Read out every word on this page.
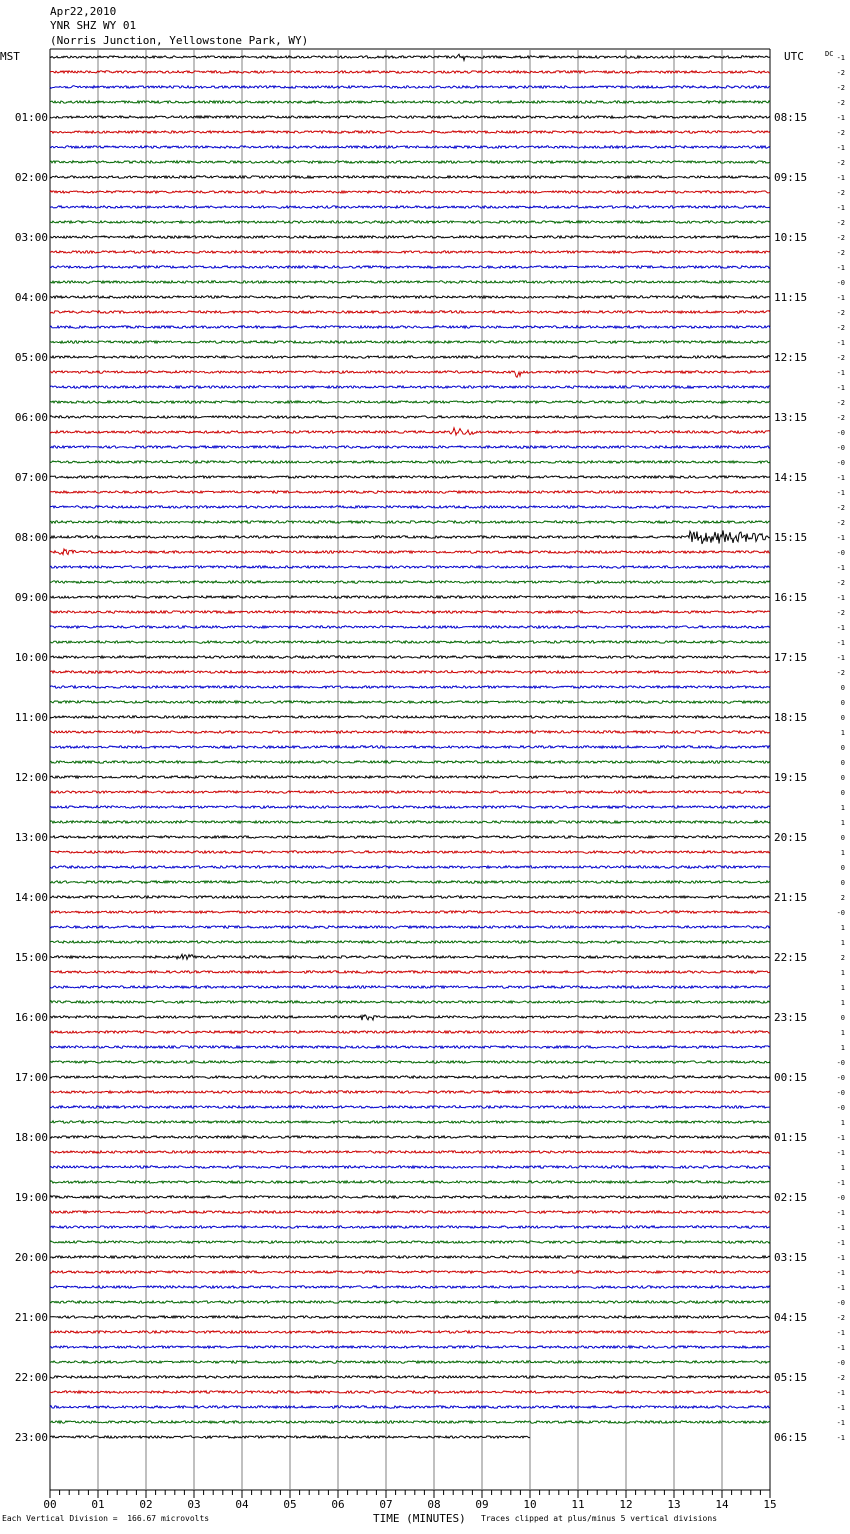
Apr22,2010
YNR SHZ WY 01
(Norris Junction, Yellowstone Park, WY)
MST	UTC	DC
00	01	02	03	04	05	06	07	08	09	10	11	12	13	14	15
-1
-2
-2
-2
-1
-2
-1
-2
-1
-2
-1
-2
-2
-2
-1
-0
-1
-2
-2
-1
-2
-1
-1
-2
-2
-0
-0
-0
-1
-1
-2
-2
-1
-0
-1
-2
-1
-2
-1
-1
-1
-2
0
0
0
1
0
0
0
0
1
1
0
1
0
0
2
-0
1
1
2
1
1
1
0
1
1
-0
-0
-0
-0
1
-1
-1
1
-1
-0
-1
-1
-1
-1
-1
-1
-0
-2
-1
-1
-0
-2
-1
-1
-1
-1
01:00
02:00
03:00
04:00
05:00
06:00
07:00
08:00
09:00
10:00
11:00
12:00
13:00
14:00
15:00
16:00
17:00
18:00
19:00
20:00
21:00
22:00
23:00
08:15
09:15
10:15
11:15
12:15
13:15
14:15
15:15
16:15
17:15
18:15
19:15
20:15
21:15
22:15
23:15
00:15
01:15
02:15
03:15
04:15
05:15
06:15
Each Vertical Division =  166.67 microvolts	TIME (MINUTES) Traces clipped at plus/minus 5 vertical divisions
